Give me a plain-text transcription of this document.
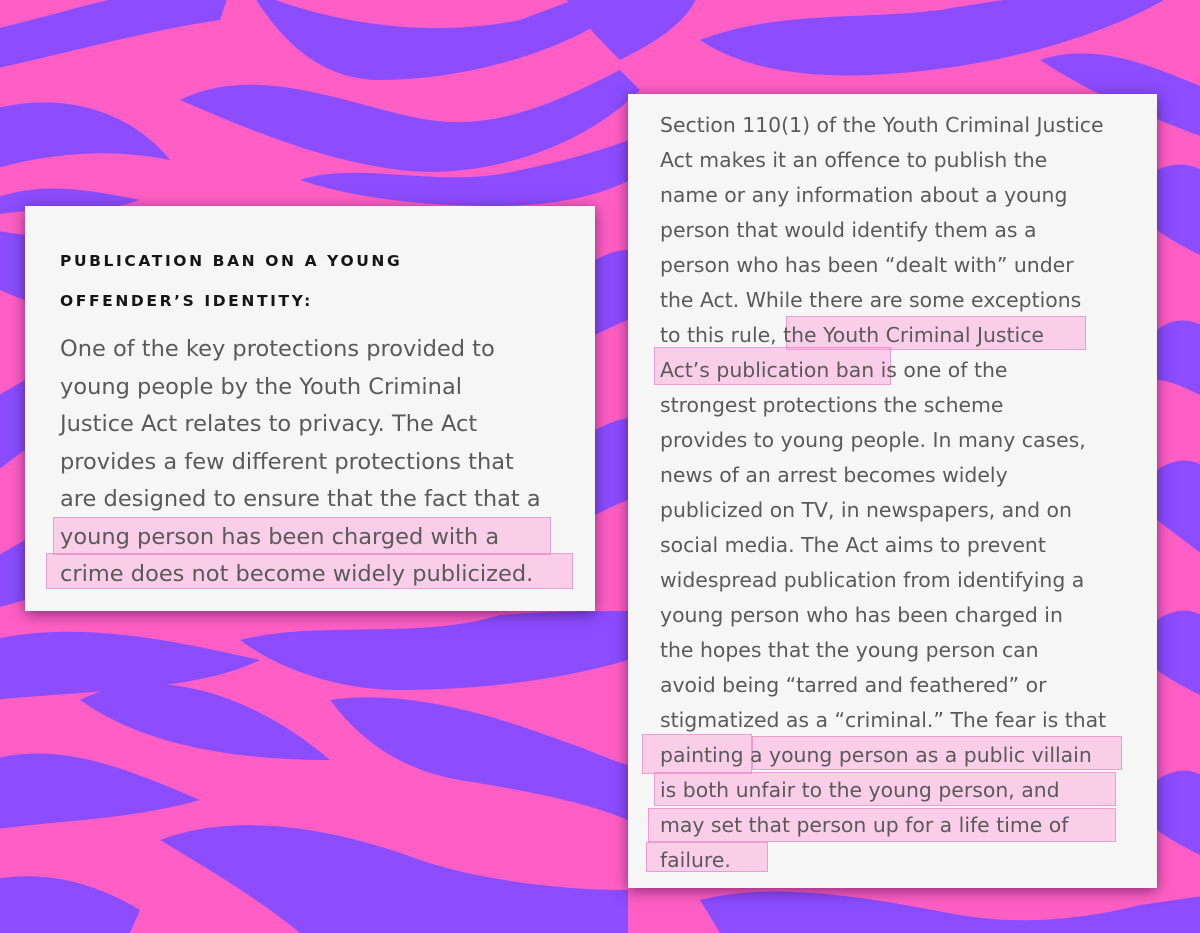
PUBLICATION BAN ON A YOUNG
OFFENDER’S IDENTITY:
One of the key protections provided to
young people by the Youth Criminal
Justice Act relates to privacy. The Act
provides a few different protections that
are designed to ensure that the fact that a
young person has been charged with a
crime does not become widely publicized.
Section 110(1) of the Youth Criminal Justice
Act makes it an offence to publish the
name or any information about a young
person that would identify them as a
person who has been “dealt with” under
the Act. While there are some exceptions
to this rule, the Youth Criminal Justice
Act’s publication ban is one of the
strongest protections the scheme
provides to young people. In many cases,
news of an arrest becomes widely
publicized on TV, in newspapers, and on
social media. The Act aims to prevent
widespread publication from identifying a
young person who has been charged in
the hopes that the young person can
avoid being “tarred and feathered” or
stigmatized as a “criminal.” The fear is that
painting a young person as a public villain
is both unfair to the young person, and
may set that person up for a life time of
failure.
